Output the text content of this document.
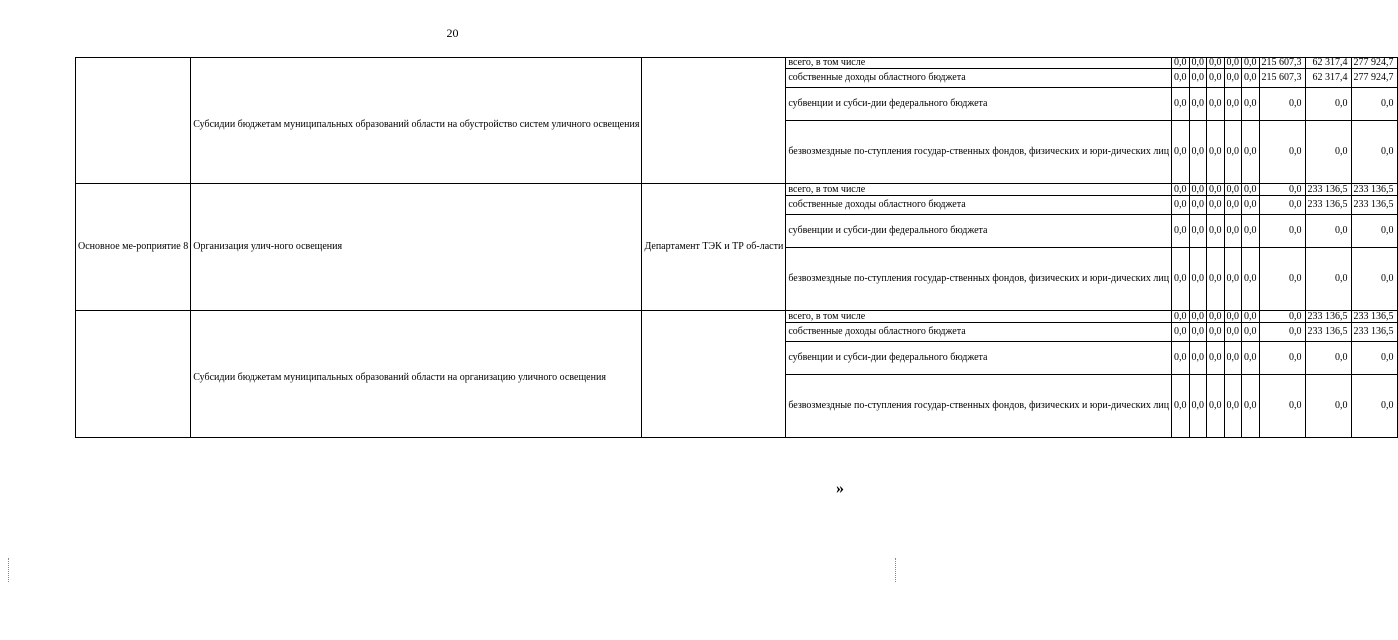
20

	Субсидии бюджетам муниципальных образований области на обустройство систем уличного освещения		всего, в том числе	0,0	0,0	0,0	0,0	0,0	215 607,3	62 317,4	277 924,7
			собственные доходы областного бюджета	0,0	0,0	0,0	0,0	0,0	215 607,3	62 317,4	277 924,7
			субвенции и субси-дии федерального бюджета	0,0	0,0	0,0	0,0	0,0	0,0	0,0	0,0
			безвозмездные по-ступления государ-ственных фондов, физических и юри-дических лиц	0,0	0,0	0,0	0,0	0,0	0,0	0,0	0,0

Основное ме-роприятие 8	Организация улич-ного освещения	Департамент ТЭК и ТР об-ласти	всего, в том числе	0,0	0,0	0,0	0,0	0,0	0,0	233 136,5	233 136,5
			собственные доходы областного бюджета	0,0	0,0	0,0	0,0	0,0	0,0	233 136,5	233 136,5
			субвенции и субси-дии федерального бюджета	0,0	0,0	0,0	0,0	0,0	0,0	0,0	0,0
			безвозмездные по-ступления государ-ственных фондов, физических и юри-дических лиц	0,0	0,0	0,0	0,0	0,0	0,0	0,0	0,0

	Субсидии бюджетам муниципальных образований области на организацию уличного освещения		всего, в том числе	0,0	0,0	0,0	0,0	0,0	0,0	233 136,5	233 136,5
			собственные доходы областного бюджета	0,0	0,0	0,0	0,0	0,0	0,0	233 136,5	233 136,5
			субвенции и субси-дии федерального бюджета	0,0	0,0	0,0	0,0	0,0	0,0	0,0	0,0
			безвозмездные по-ступления государ-ственных фондов, физических и юри-дических лиц	0,0	0,0	0,0	0,0	0,0	0,0	0,0	0,0
»
